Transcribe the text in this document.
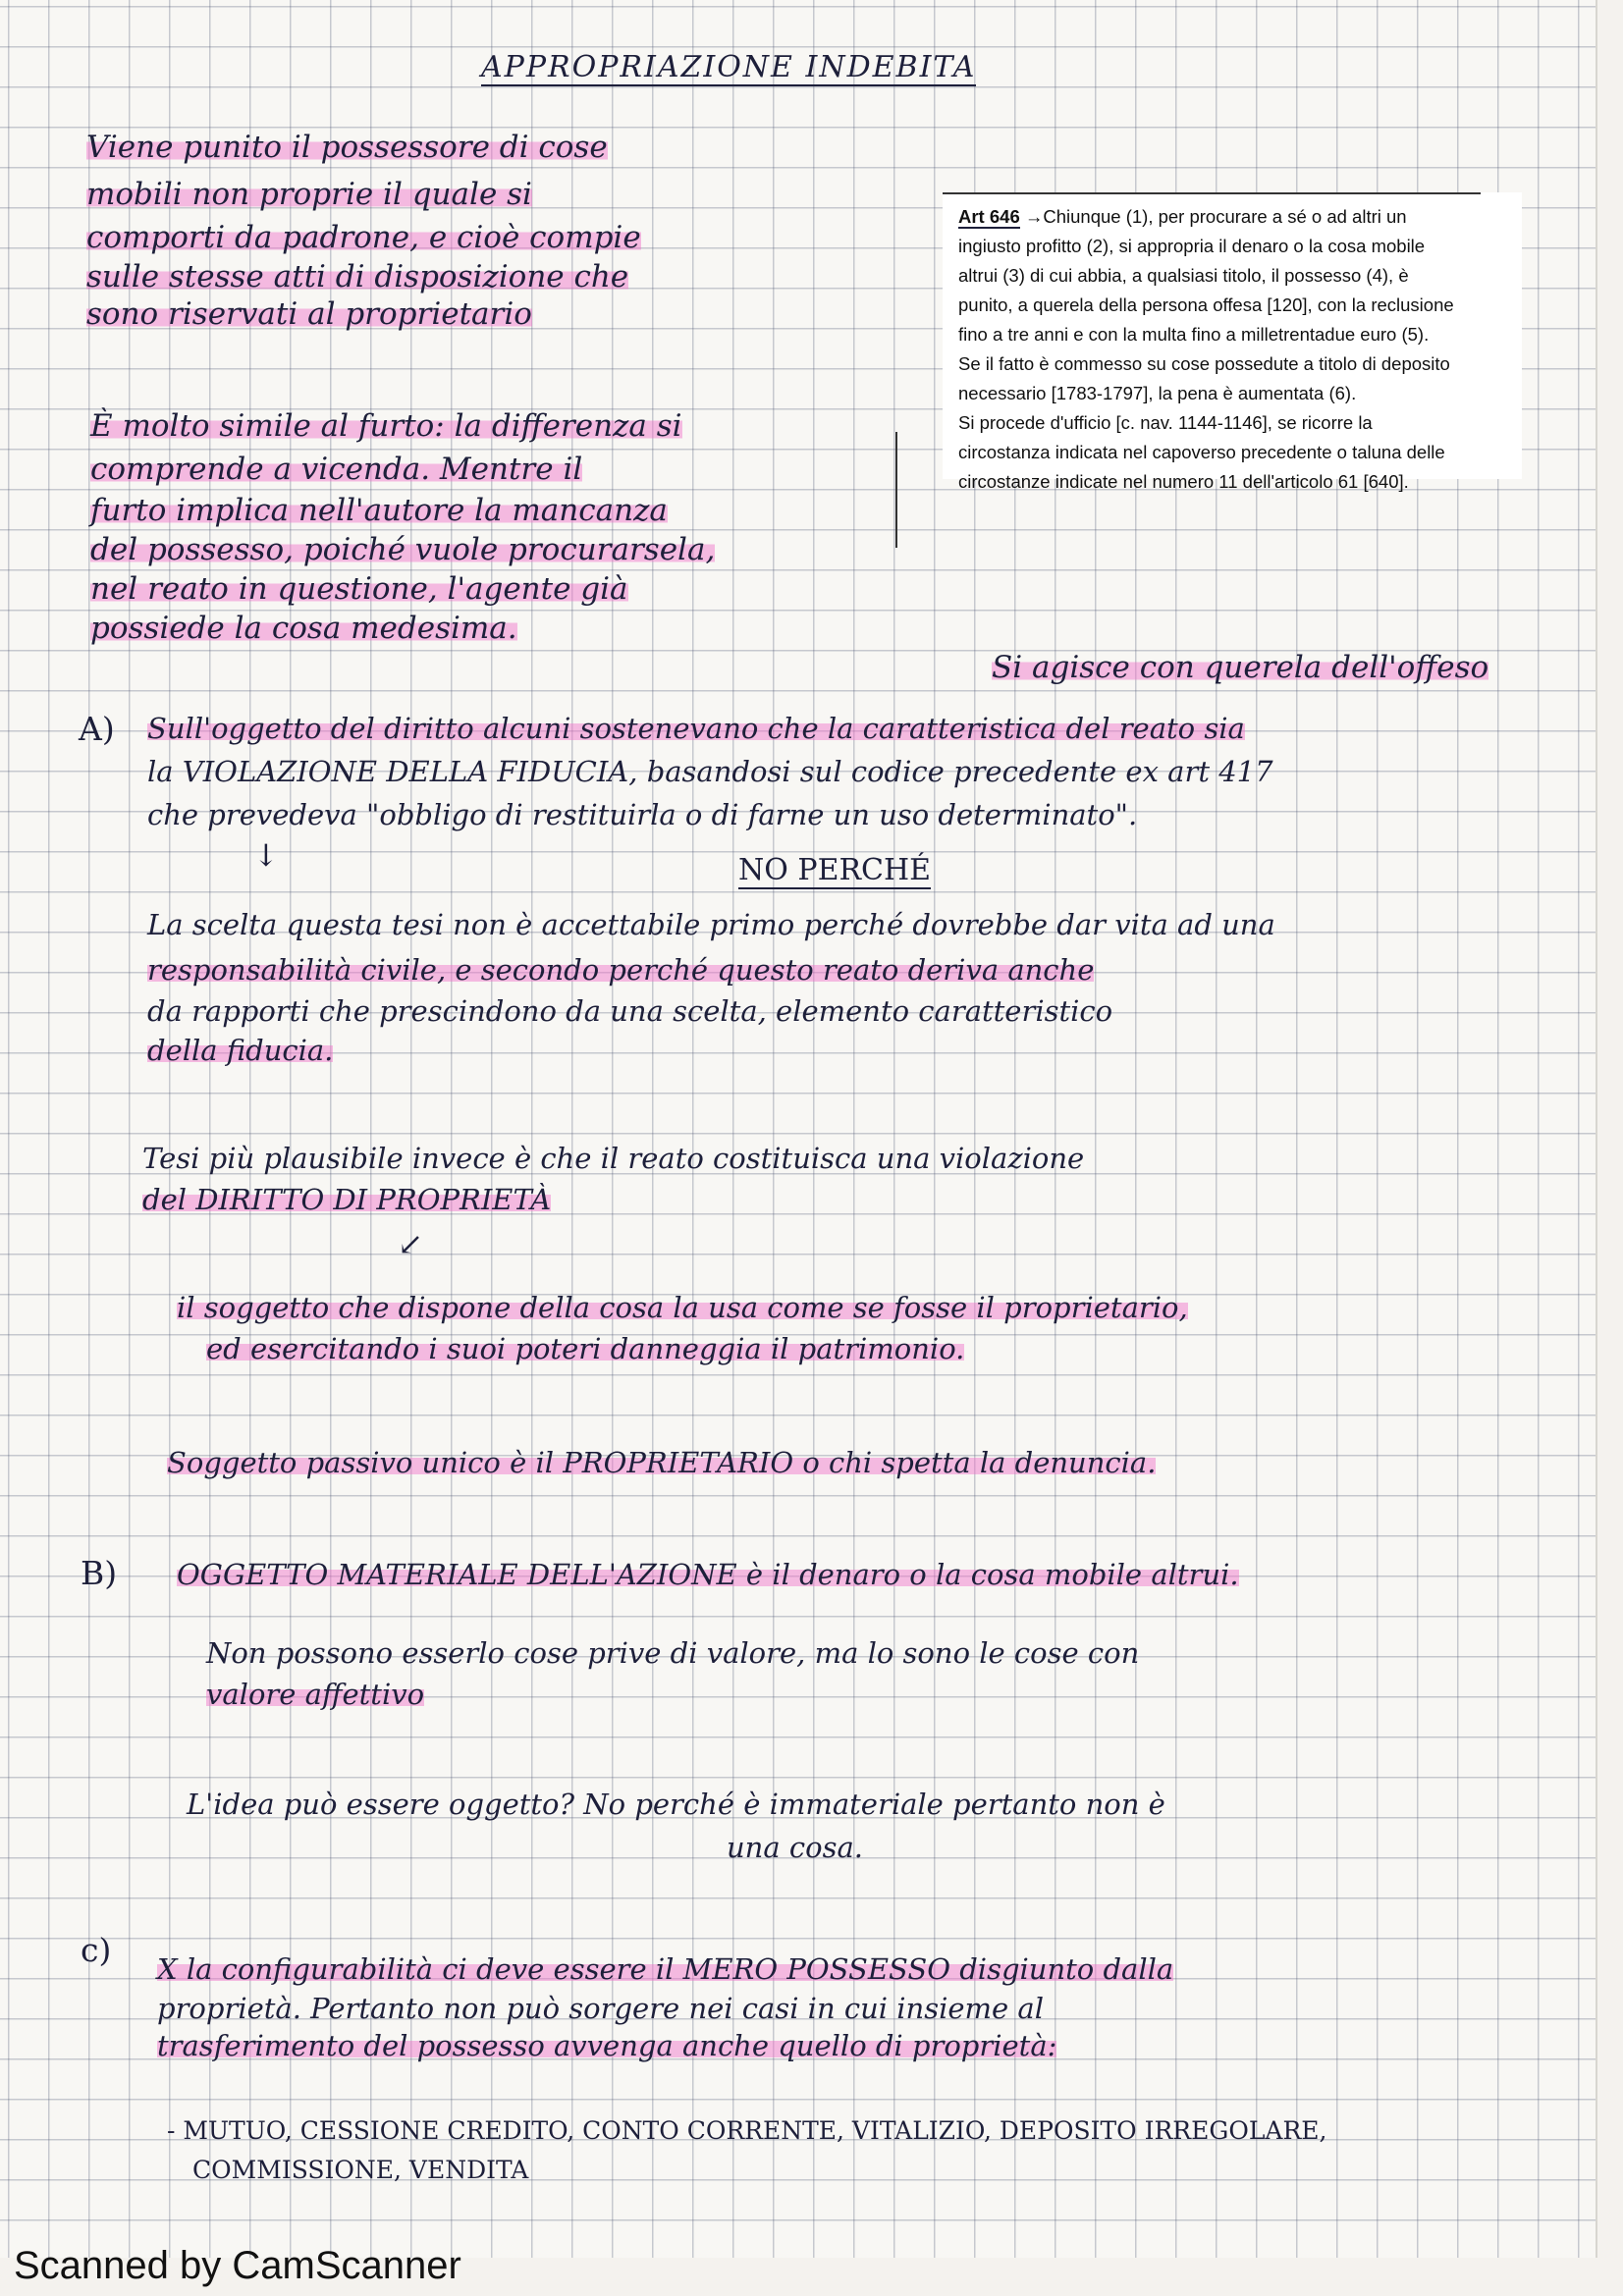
APPROPRIAZIONE INDEBITA
Viene punito il possessore di cose
mobili non proprie il quale si
comporti da padrone, e cioè compie
sulle stesse atti di disposizione che
sono riservati al proprietario
Art 646 →Chiunque (1), per procurare a sé o ad altri un
ingiusto profitto (2), si appropria il denaro o la cosa mobile
altrui (3) di cui abbia, a qualsiasi titolo, il possesso (4), è
punito, a querela della persona offesa [120], con la reclusione
fino a tre anni e con la multa fino a milletrentadue euro (5).
Se il fatto è commesso su cose possedute a titolo di deposito
necessario [1783-1797], la pena è aumentata (6).
Si procede d'ufficio [c. nav. 1144-1146], se ricorre la
circostanza indicata nel capoverso precedente o taluna delle
circostanze indicate nel numero 11 dell'articolo 61 [640].
È molto simile al furto: la differenza si
comprende a vicenda. Mentre il
furto implica nell'autore la mancanza
del possesso, poiché vuole procurarsela,
nel reato in questione, l'agente già
possiede la cosa medesima.
Si agisce con querela dell'offeso
A) Sull'oggetto del diritto alcuni sostenevano che la caratteristica del reato sia
la VIOLAZIONE DELLA FIDUCIA, basandosi sul codice precedente ex art 417
che prevedeva "obbligo di restituirla o di farne un uso determinato".
↓	NO PERCHÉ
La scelta questa tesi non è accettabile primo perché dovrebbe dar vita ad una
responsabilità civile, e secondo perché questo reato deriva anche
da rapporti che prescindono da una scelta, elemento caratteristico
della fiducia.
Tesi più plausibile invece è che il reato costituisca una violazione
del DIRITTO DI PROPRIETÀ
↙
il soggetto che dispone della cosa la usa come se fosse il proprietario,
ed esercitando i suoi poteri danneggia il patrimonio.
Soggetto passivo unico è il PROPRIETARIO o chi spetta la denuncia.
B) OGGETTO MATERIALE DELL'AZIONE è il denaro o la cosa mobile altrui.
Non possono esserlo cose prive di valore, ma lo sono le cose con
valore affettivo
L'idea può essere oggetto? No perché è immateriale pertanto non è
una cosa.
c) X la configurabilità ci deve essere il MERO POSSESSO disgiunto dalla
proprietà. Pertanto non può sorgere nei casi in cui insieme al
trasferimento del possesso avvenga anche quello di proprietà:
- MUTUO, CESSIONE CREDITO, CONTO CORRENTE, VITALIZIO, DEPOSITO IRREGOLARE,
COMMISSIONE, VENDITA
Scanned by CamScanner
